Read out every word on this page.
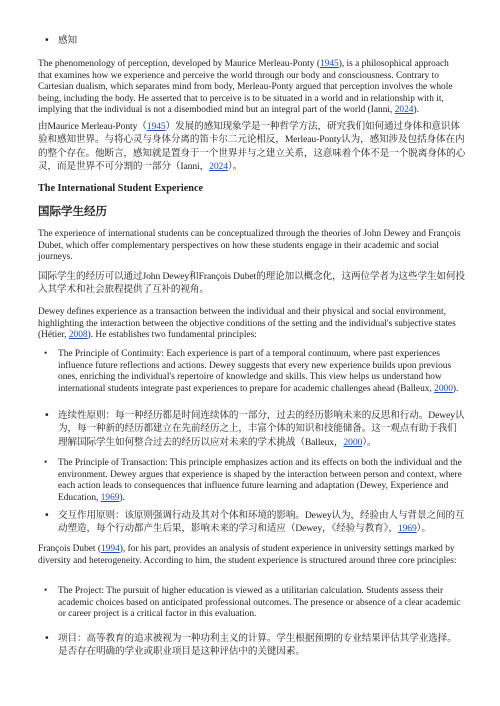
• 感知

The phenomenology of perception, developed by Maurice Merleau-Ponty (1945), is a philosophical approach that examines how we experience and perceive the world through our body and consciousness. Contrary to Cartesian dualism, which separates mind from body, Merleau-Ponty argued that perception involves the whole being, including the body. He asserted that to perceive is to be situated in a world and in relationship with it, implying that the individual is not a disembodied mind but an integral part of the world (Ianni, 2024).

由Maurice Merleau-Ponty（1945）发展的感知现象学是一种哲学方法，研究我们如何通过身体和意识体验和感知世界。与将心灵与身体分离的笛卡尔二元论相反，Merleau-Ponty认为，感知涉及包括身体在内的整个存在。他断言，感知就是置身于一个世界并与之建立关系，这意味着个体不是一个脱离身体的心灵，而是世界不可分割的一部分（Ianni，2024）。

The International Student Experience
国际学生经历

The experience of international students can be conceptualized through the theories of John Dewey and François Dubet, which offer complementary perspectives on how these students engage in their academic and social journeys.

国际学生的经历可以通过John Dewey和François Dubet的理论加以概念化，这两位学者为这些学生如何投入其学术和社会旅程提供了互补的视角。

Dewey defines experience as a transaction between the individual and their physical and social environment, highlighting the interaction between the objective conditions of the setting and the individual's subjective states (Hétier, 2008). He establishes two fundamental principles:

• The Principle of Continuity: Each experience is part of a temporal continuum, where past experiences influence future reflections and actions. Dewey suggests that every new experience builds upon previous ones, enriching the individual's repertoire of knowledge and skills. This view helps us understand how international students integrate past experiences to prepare for academic challenges ahead (Balleux, 2000).
• 连续性原则：每一种经历都是时间连续体的一部分，过去的经历影响未来的反思和行动。Dewey认为，每一种新的经历都建立在先前经历之上，丰富个体的知识和技能储备。这一观点有助于我们理解国际学生如何整合过去的经历以应对未来的学术挑战（Balleux，2000）。
• The Principle of Transaction: This principle emphasizes action and its effects on both the individual and the environment. Dewey argues that experience is shaped by the interaction between person and context, where each action leads to consequences that influence future learning and adaptation (Dewey, Experience and Education, 1969).
• 交互作用原则：该原则强调行动及其对个体和环境的影响。Dewey认为，经验由人与背景之间的互动塑造，每个行动都产生后果，影响未来的学习和适应（Dewey，《经验与教育》，1969）。

François Dubet (1994), for his part, provides an analysis of student experience in university settings marked by diversity and heterogeneity. According to him, the student experience is structured around three core principles:

• The Project: The pursuit of higher education is viewed as a utilitarian calculation. Students assess their academic choices based on anticipated professional outcomes. The presence or absence of a clear academic or career project is a critical factor in this evaluation.
• 项目：高等教育的追求被视为一种功利主义的计算。学生根据预期的专业结果评估其学业选择。是否存在明确的学业或职业项目是这种评估中的关键因素。
